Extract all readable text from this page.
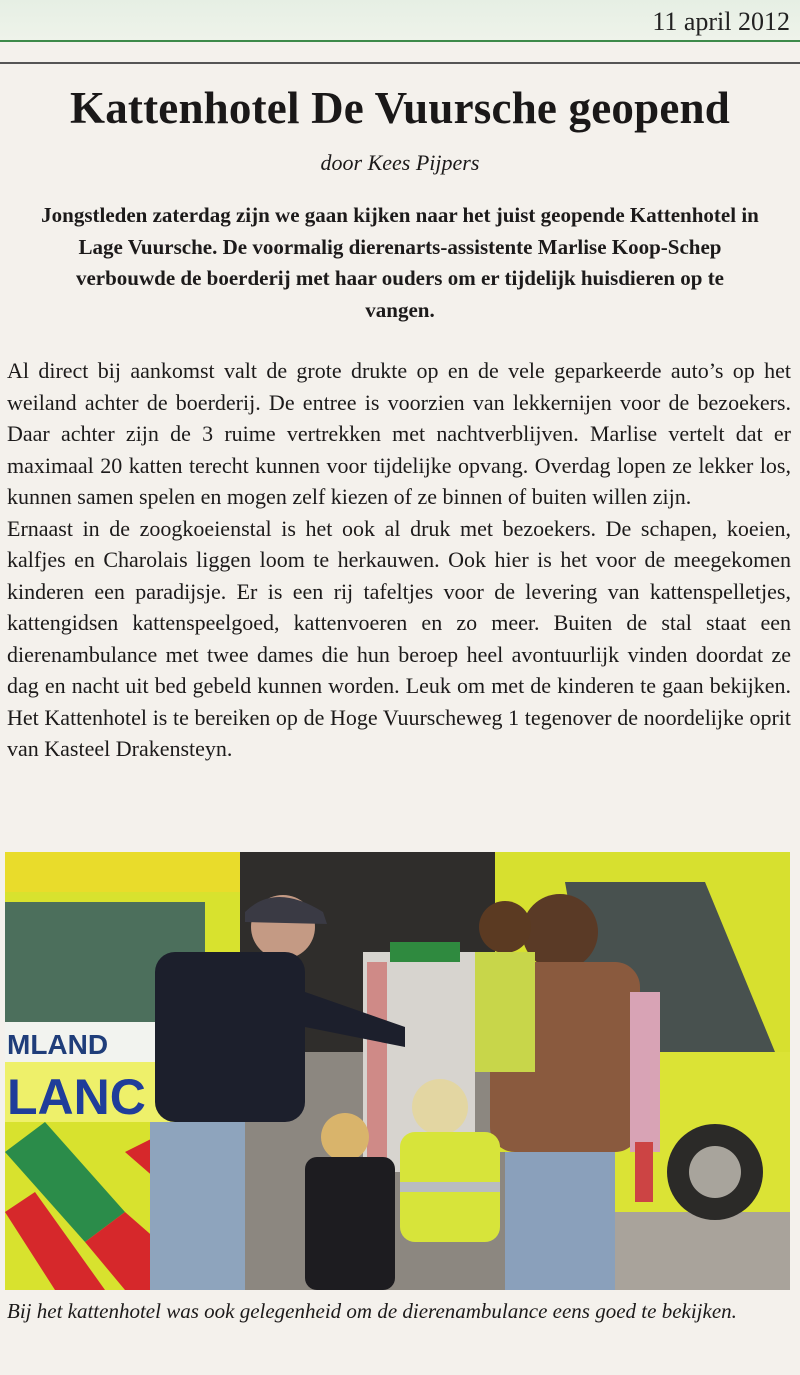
11 april 2012
Kattenhotel De Vuursche geopend
door Kees Pijpers
Jongstleden zaterdag zijn we gaan kijken naar het juist geopende Kattenhotel in Lage Vuursche. De voormalig dierenarts-assistente Marlise Koop-Schep verbouwde de boerderij met haar ouders om er tijdelijk huisdieren op te vangen.

Al direct bij aankomst valt de grote drukte op en de vele geparkeerde auto’s op het weiland achter de boerderij. De entree is voorzien van lekkernijen voor de bezoekers. Daar achter zijn de 3 ruime vertrekken met nachtverblijven. Marlise vertelt dat er maximaal 20 katten terecht kunnen voor tijdelijke opvang. Overdag lopen ze lekker los, kunnen samen spelen en mogen zelf kiezen of ze binnen of buiten willen zijn.

Ernaast in de zoogkoeienstal is het ook al druk met bezoekers. De schapen, koeien, kalfjes en Charolais liggen loom te herkauwen. Ook hier is het voor de meegekomen kinderen een paradijsje. Er is een rij tafeltjes voor de levering van kattenspelletjes, kattengidsen kattenspeelgoed, kattenvoeren en zo meer. Buiten de stal staat een dierenambulance met twee dames die hun beroep heel avontuurlijk vinden doordat ze dag en nacht uit bed gebeld kunnen worden. Leuk om met de kinderen te gaan bekijken. Het Kattenhotel is te bereiken op de Hoge Vuurscheweg 1 tegenover de noordelijke oprit van Kasteel Drakensteyn.

MLAND
LANC
Bij het kattenhotel was ook gelegenheid om de dierenambulance eens goed te bekijken.
